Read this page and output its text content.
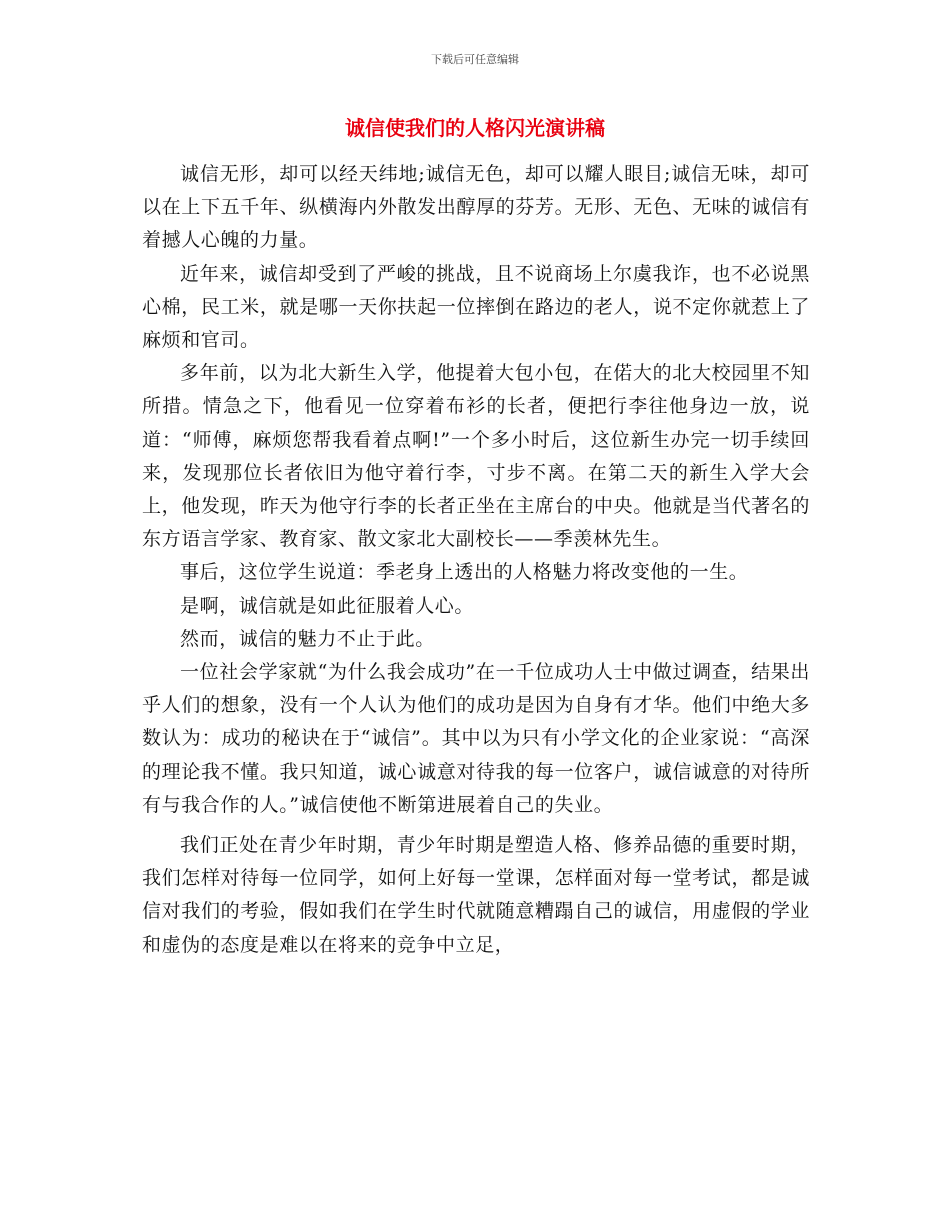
下载后可任意编辑
诚信使我们的人格闪光演讲稿

诚信无形，却可以经天纬地;诚信无色，却可以耀人眼目;诚信无味，却可以在上下五千年、纵横海内外散发出醇厚的芬芳。无形、无色、无味的诚信有着撼人心魄的力量。

近年来，诚信却受到了严峻的挑战，且不说商场上尔虞我诈，也不必说黑心棉，民工米，就是哪一天你扶起一位摔倒在路边的老人，说不定你就惹上了麻烦和官司。

多年前，以为北大新生入学，他提着大包小包，在偌大的北大校园里不知所措。情急之下，他看见一位穿着布衫的长者，便把行李往他身边一放，说道：“师傅，麻烦您帮我看着点啊!”一个多小时后，这位新生办完一切手续回来，发现那位长者依旧为他守着行李，寸步不离。在第二天的新生入学大会上，他发现，昨天为他守行李的长者正坐在主席台的中央。他就是当代著名的东方语言学家、教育家、散文家北大副校长——季羡林先生。

事后，这位学生说道：季老身上透出的人格魅力将改变他的一生。

是啊，诚信就是如此征服着人心。

然而，诚信的魅力不止于此。

一位社会学家就“为什么我会成功”在一千位成功人士中做过调查，结果出乎人们的想象，没有一个人认为他们的成功是因为自身有才华。他们中绝大多数认为：成功的秘诀在于“诚信”。其中以为只有小学文化的企业家说：“高深的理论我不懂。我只知道，诚心诚意对待我的每一位客户，诚信诚意的对待所有与我合作的人。”诚信使他不断第进展着自己的失业。

我们正处在青少年时期，青少年时期是塑造人格、修养品德的重要时期，我们怎样对待每一位同学，如何上好每一堂课，怎样面对每一堂考试，都是诚信对我们的考验，假如我们在学生时代就随意糟蹋自己的诚信，用虚假的学业和虚伪的态度是难以在将来的竞争中立足，
